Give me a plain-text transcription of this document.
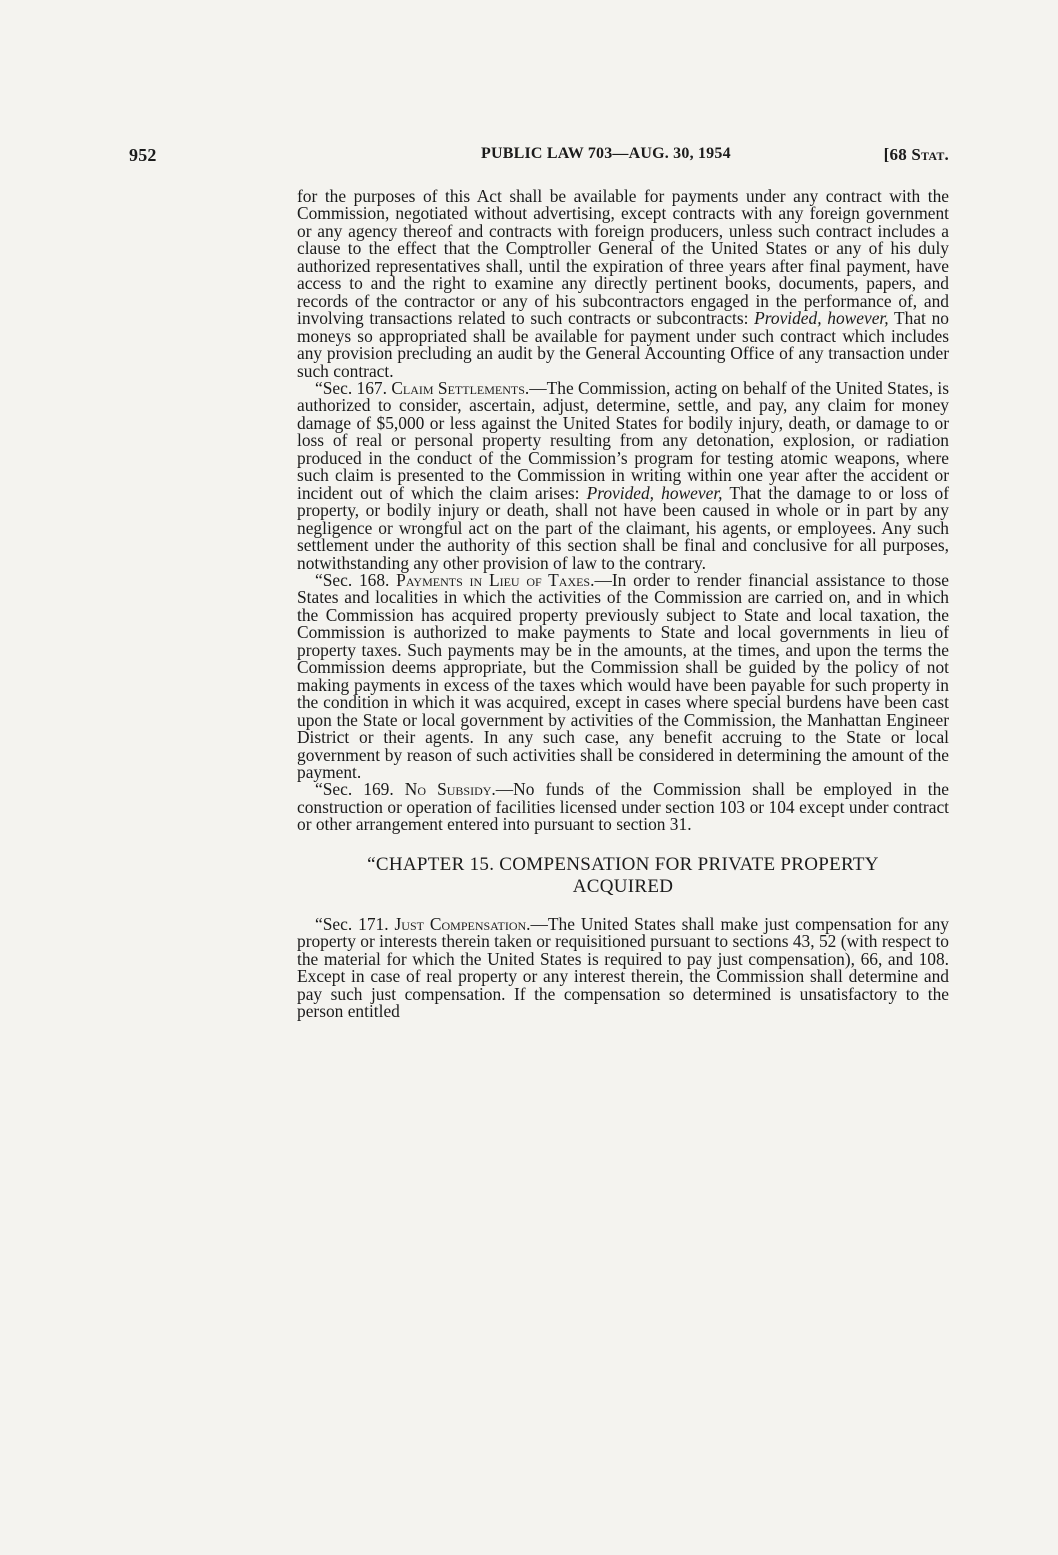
952	PUBLIC LAW 703—AUG. 30, 1954	[68 Stat.

for the purposes of this Act shall be available for payments under any contract with the Commission, negotiated without advertising, except contracts with any foreign government or any agency thereof and contracts with foreign producers, unless such contract includes a clause to the effect that the Comptroller General of the United States or any of his duly authorized representatives shall, until the expiration of three years after final payment, have access to and the right to examine any directly pertinent books, documents, papers, and records of the contractor or any of his subcontractors engaged in the performance of, and involving transactions related to such contracts or subcontracts: Provided, however, That no moneys so appropriated shall be available for payment under such contract which includes any provision precluding an audit by the General Accounting Office of any transaction under such contract.

“Sec. 167. Claim Settlements.—The Commission, acting on behalf of the United States, is authorized to consider, ascertain, adjust, determine, settle, and pay, any claim for money damage of $5,000 or less against the United States for bodily injury, death, or damage to or loss of real or personal property resulting from any detonation, explosion, or radiation produced in the conduct of the Commission’s program for testing atomic weapons, where such claim is presented to the Commission in writing within one year after the accident or incident out of which the claim arises: Provided, however, That the damage to or loss of property, or bodily injury or death, shall not have been caused in whole or in part by any negligence or wrongful act on the part of the claimant, his agents, or employees. Any such settlement under the authority of this section shall be final and conclusive for all purposes, notwithstanding any other provision of law to the contrary.

“Sec. 168. Payments in Lieu of Taxes.—In order to render financial assistance to those States and localities in which the activities of the Commission are carried on, and in which the Commission has acquired property previously subject to State and local taxation, the Commission is authorized to make payments to State and local governments in lieu of property taxes. Such payments may be in the amounts, at the times, and upon the terms the Commission deems appropriate, but the Commission shall be guided by the policy of not making payments in excess of the taxes which would have been payable for such property in the condition in which it was acquired, except in cases where special burdens have been cast upon the State or local government by activities of the Commission, the Manhattan Engineer District or their agents. In any such case, any benefit accruing to the State or local government by reason of such activities shall be considered in determining the amount of the payment.

“Sec. 169. No Subsidy.—No funds of the Commission shall be employed in the construction or operation of facilities licensed under section 103 or 104 except under contract or other arrangement entered into pursuant to section 31.

“CHAPTER 15. COMPENSATION FOR PRIVATE PROPERTY
ACQUIRED

“Sec. 171. Just Compensation.—The United States shall make just compensation for any property or interests therein taken or requisitioned pursuant to sections 43, 52 (with respect to the material for which the United States is required to pay just compensation), 66, and 108. Except in case of real property or any interest therein, the Commission shall determine and pay such just compensation. If the compensation so determined is unsatisfactory to the person entitled
